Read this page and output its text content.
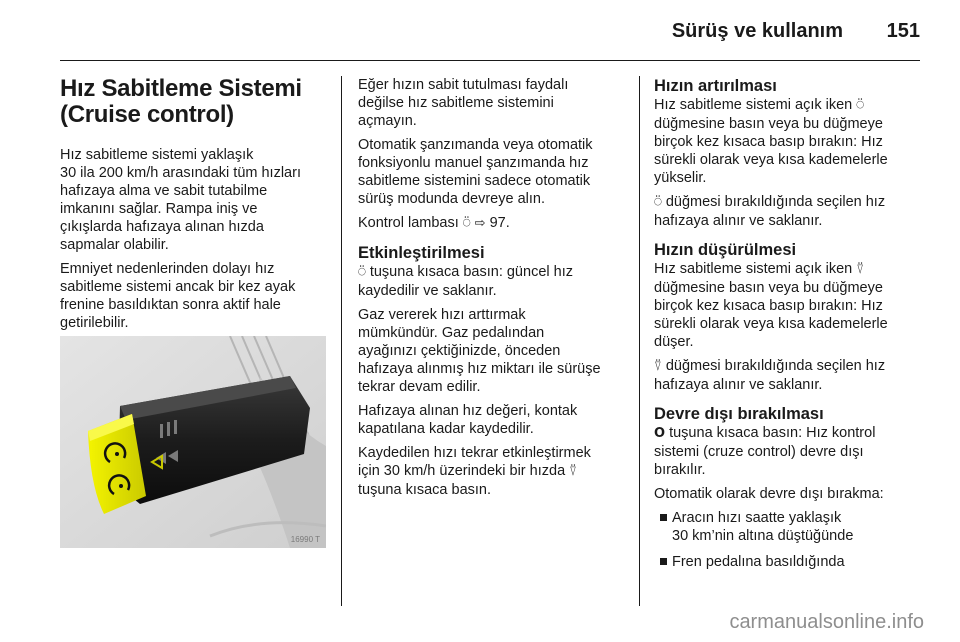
Sürüş ve kullanım 151
Hız Sabitleme Sistemi
(Cruise control)

Hız sabitleme sistemi yaklaşık
30 ila 200 km/h arasındaki tüm hızları
hafızaya alma ve sabit tutabilme
imkanını sağlar. Rampa iniş ve
çıkışlarda hafızaya alınan hızda
sapmalar olabilir.

Emniyet nedenlerinden dolayı hız
sabitleme sistemi ancak bir kez ayak
frenine basıldıktan sonra aktif hale
getirilebilir.

16990 T

Eğer hızın sabit tutulması faydalı
değilse hız sabitleme sistemini
açmayın.

Otomatik şanzımanda veya otomatik
fonksiyonlu manuel şanzımanda hız
sabitleme sistemini sadece otomatik
sürüş modunda devreye alın.

Kontrol lambası ⍥ ⇨ 97.

Etkinleştirilmesi

⍥ tuşuna kısaca basın: güncel hız
kaydedilir ve saklanır.

Gaz vererek hızı arttırmak
mümkündür. Gaz pedalından
ayağınızı çektiğinizde, önceden
hafızaya alınmış hız miktarı ile sürüşe
tekrar devam edilir.

Hafızaya alınan hız değeri, kontak
kapatılana kadar kaydedilir.

Kaydedilen hızı tekrar etkinleştirmek
için 30 km/h üzerindeki bir hızda ⍢
tuşuna kısaca basın.

Hızın artırılması

Hız sabitleme sistemi açık iken ⍥
düğmesine basın veya bu düğmeye
birçok kez kısaca basıp bırakın: Hız
sürekli olarak veya kısa kademelerle
yükselir.

⍥ düğmesi bırakıldığında seçilen hız
hafızaya alınır ve saklanır.

Hızın düşürülmesi

Hız sabitleme sistemi açık iken ⍢
düğmesine basın veya bu düğmeye
birçok kez kısaca basıp bırakın: Hız
sürekli olarak veya kısa kademelerle
düşer.

⍢ düğmesi bırakıldığında seçilen hız
hafızaya alınır ve saklanır.

Devre dışı bırakılması

O tuşuna kısaca basın: Hız kontrol
sistemi (cruze control) devre dışı
bırakılır.

Otomatik olarak devre dışı bırakma:

Aracın hızı saatte yaklaşık
30 km’nin altına düştüğünde
Fren pedalına basıldığında
carmanualsonline.info
